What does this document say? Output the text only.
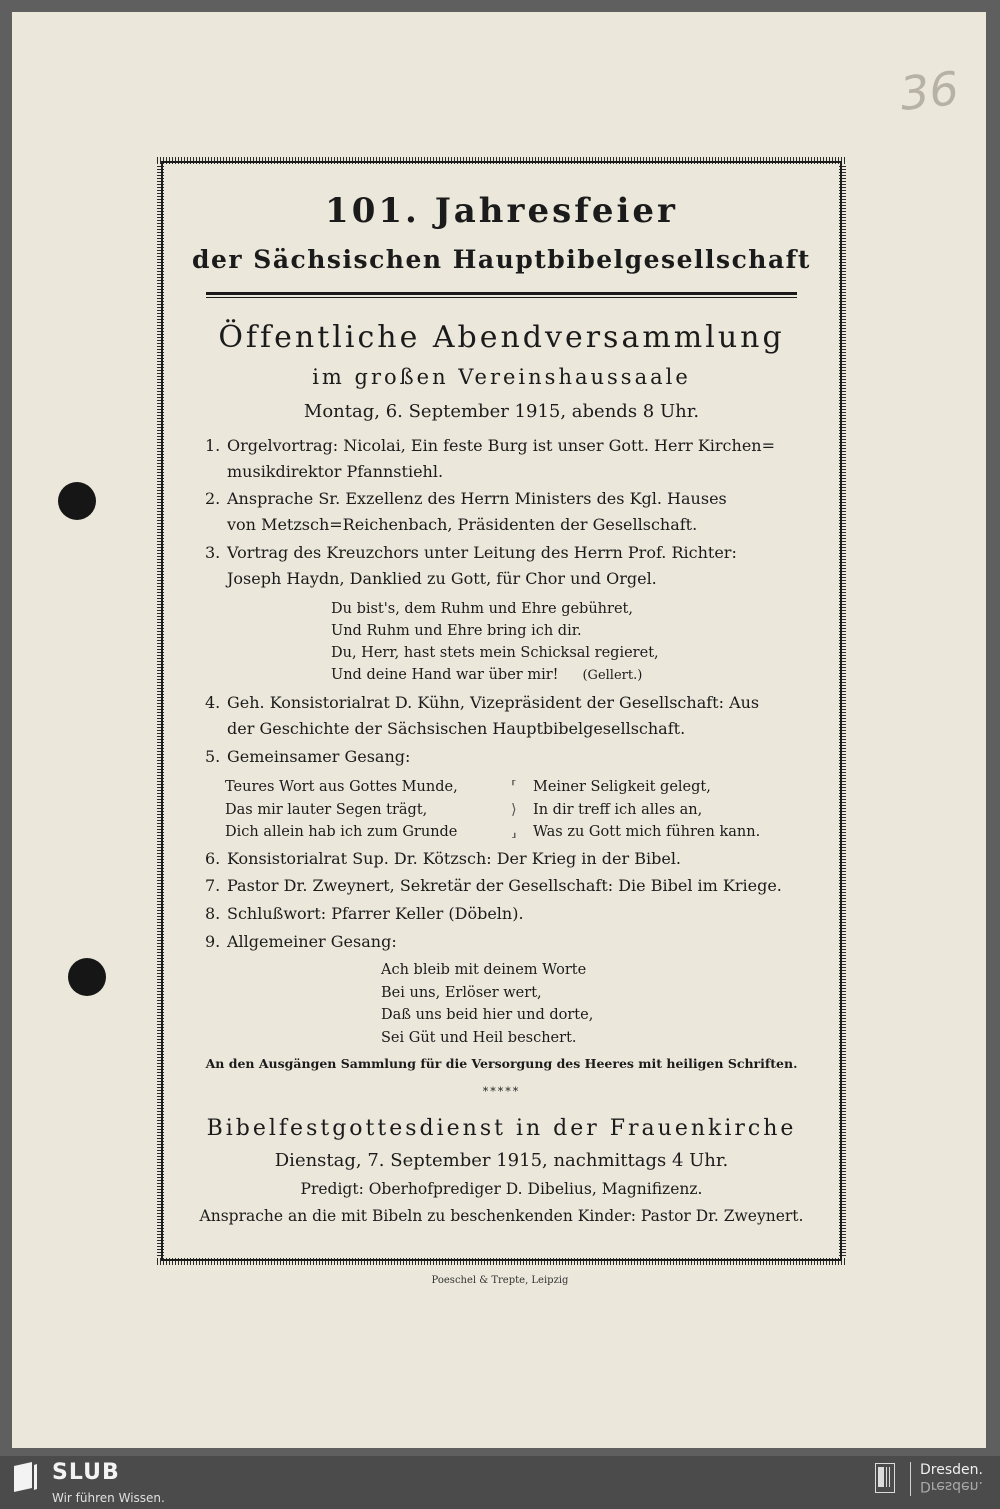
36
101. Jahresfeier
der Sächsischen Hauptbibelgesellschaft
Öffentliche Abendversammlung
im großen Vereinshaussaale
Montag, 6. September 1915, abends 8 Uhr.
1. Orgelvortrag: Nicolai, Ein feste Burg ist unser Gott. Herr Kirchen=
musikdirektor Pfannstiehl.
2. Ansprache Sr. Exzellenz des Herrn Ministers des Kgl. Hauses
von Metzsch=Reichenbach, Präsidenten der Gesellschaft.
3. Vortrag des Kreuzchors unter Leitung des Herrn Prof. Richter:
Joseph Haydn, Danklied zu Gott, für Chor und Orgel.
Du bist's, dem Ruhm und Ehre gebühret,
Und Ruhm und Ehre bring ich dir.
Du, Herr, hast stets mein Schicksal regieret,
Und deine Hand war über mir! (Gellert.)
4. Geh. Konsistorialrat D. Kühn, Vizepräsident der Gesellschaft: Aus
der Geschichte der Sächsischen Hauptbibelgesellschaft.
5. Gemeinsamer Gesang:
Teures Wort aus Gottes Munde,
Das mir lauter Segen trägt,
Dich allein hab ich zum Grunde
⸢
⟩
⸥
Meiner Seligkeit gelegt,
In dir treff ich alles an,
Was zu Gott mich führen kann.
6. Konsistorialrat Sup. Dr. Kötzsch: Der Krieg in der Bibel.
7. Pastor Dr. Zweynert, Sekretär der Gesellschaft: Die Bibel im Kriege.
8. Schlußwort: Pfarrer Keller (Döbeln).
9. Allgemeiner Gesang:
Ach bleib mit deinem Worte
Bei uns, Erlöser wert,
Daß uns beid hier und dorte,
Sei Güt und Heil beschert.
An den Ausgängen Sammlung für die Versorgung des Heeres mit heiligen Schriften.
*****
Bibelfestgottesdienst in der Frauenkirche
Dienstag, 7. September 1915, nachmittags 4 Uhr.
Predigt: Oberhofprediger D. Dibelius, Magnifizenz.
Ansprache an die mit Bibeln zu beschenkenden Kinder: Pastor Dr. Zweynert.
Poeschel & Trepte, Leipzig
SLUB
Wir führen Wissen.
Dresden.
Dresden.
